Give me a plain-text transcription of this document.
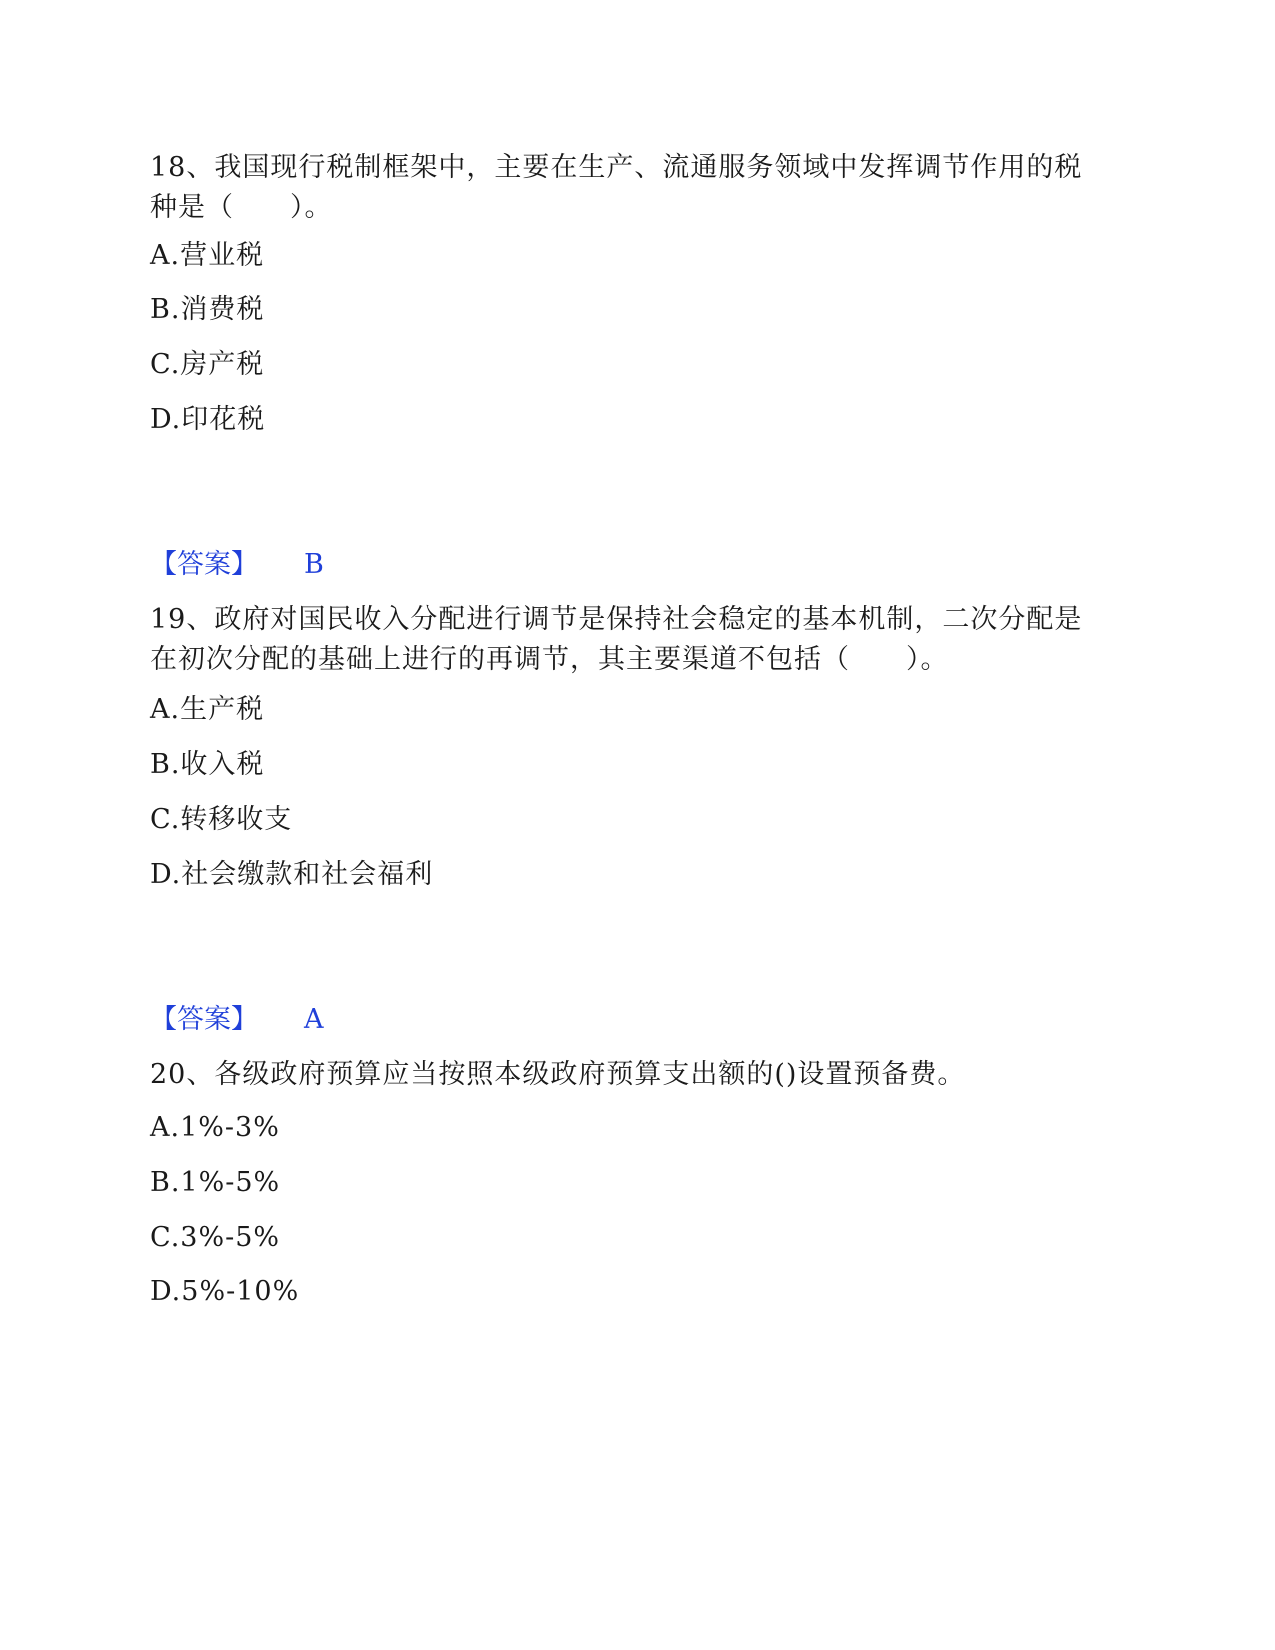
18、我国现行税制框架中，主要在生产、流通服务领域中发挥调节作用的税种是（　　）。
A.营业税
B.消费税
C.房产税
D.印花税
【答案】 B
19、政府对国民收入分配进行调节是保持社会稳定的基本机制，二次分配是在初次分配的基础上进行的再调节，其主要渠道不包括（　　）。
A.生产税
B.收入税
C.转移收支
D.社会缴款和社会福利
【答案】 A
20、各级政府预算应当按照本级政府预算支出额的()设置预备费。
A.1%-3%
B.1%-5%
C.3%-5%
D.5%-10%
